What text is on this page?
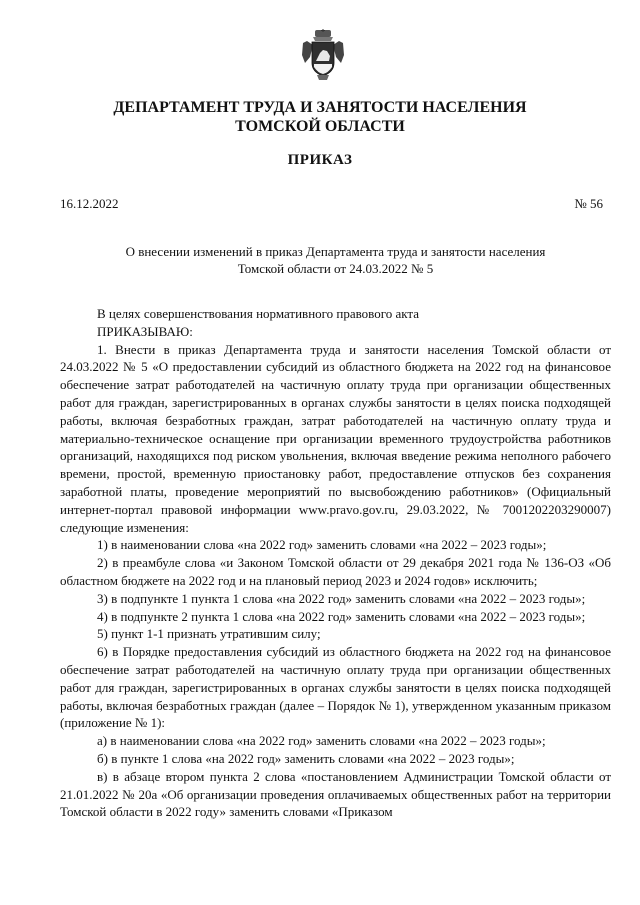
ДЕПАРТАМЕНТ ТРУДА И ЗАНЯТОСТИ НАСЕЛЕНИЯ
ТОМСКОЙ ОБЛАСТИ
ПРИКАЗ
16.12.2022	№ 56
О внесении изменений в приказ Департамента труда и занятости населения
Томской области от 24.03.2022 № 5

В целях совершенствования нормативного правового акта

ПРИКАЗЫВАЮ:

1. Внести в приказ Департамента труда и занятости населения Томской области от 24.03.2022 № 5 «О предоставлении субсидий из областного бюджета на 2022 год на финансовое обеспечение затрат работодателей на частичную оплату труда при организации общественных работ для граждан, зарегистрированных в органах службы занятости в целях поиска подходящей работы, включая безработных граждан, затрат работодателей на частичную оплату труда и материально-техническое оснащение при организации временного трудоустройства работников организаций, находящихся под риском увольнения, включая введение режима неполного рабочего времени, простой, временную приостановку работ, предоставление отпусков без сохранения заработной платы, проведение мероприятий по высвобождению работников» (Официальный интернет-портал правовой информации www.pravo.gov.ru, 29.03.2022, № 7001202203290007) следующие изменения:

1) в наименовании слова «на 2022 год» заменить словами «на 2022 – 2023 годы»;

2) в преамбуле слова «и Законом Томской области от 29 декабря 2021 года № 136-ОЗ «Об областном бюджете на 2022 год и на плановый период 2023 и 2024 годов» исключить;

3) в подпункте 1 пункта 1 слова «на 2022 год» заменить словами «на 2022 – 2023 годы»;

4) в подпункте 2 пункта 1 слова «на 2022 год» заменить словами «на 2022 – 2023 годы»;

5) пункт 1-1 признать утратившим силу;

6) в Порядке предоставления субсидий из областного бюджета на 2022 год на финансовое обеспечение затрат работодателей на частичную оплату труда при организации общественных работ для граждан, зарегистрированных в органах службы занятости в целях поиска подходящей работы, включая безработных граждан (далее – Порядок № 1), утвержденном указанным приказом (приложение № 1):

а) в наименовании слова «на 2022 год» заменить словами «на 2022 – 2023 годы»;

б) в пункте 1 слова «на 2022 год» заменить словами «на 2022 – 2023 годы»;

в) в абзаце втором пункта 2 слова «постановлением Администрации Томской области от 21.01.2022 № 20а «Об организации проведения оплачиваемых общественных работ на территории Томской области в 2022 году» заменить словами «Приказом
